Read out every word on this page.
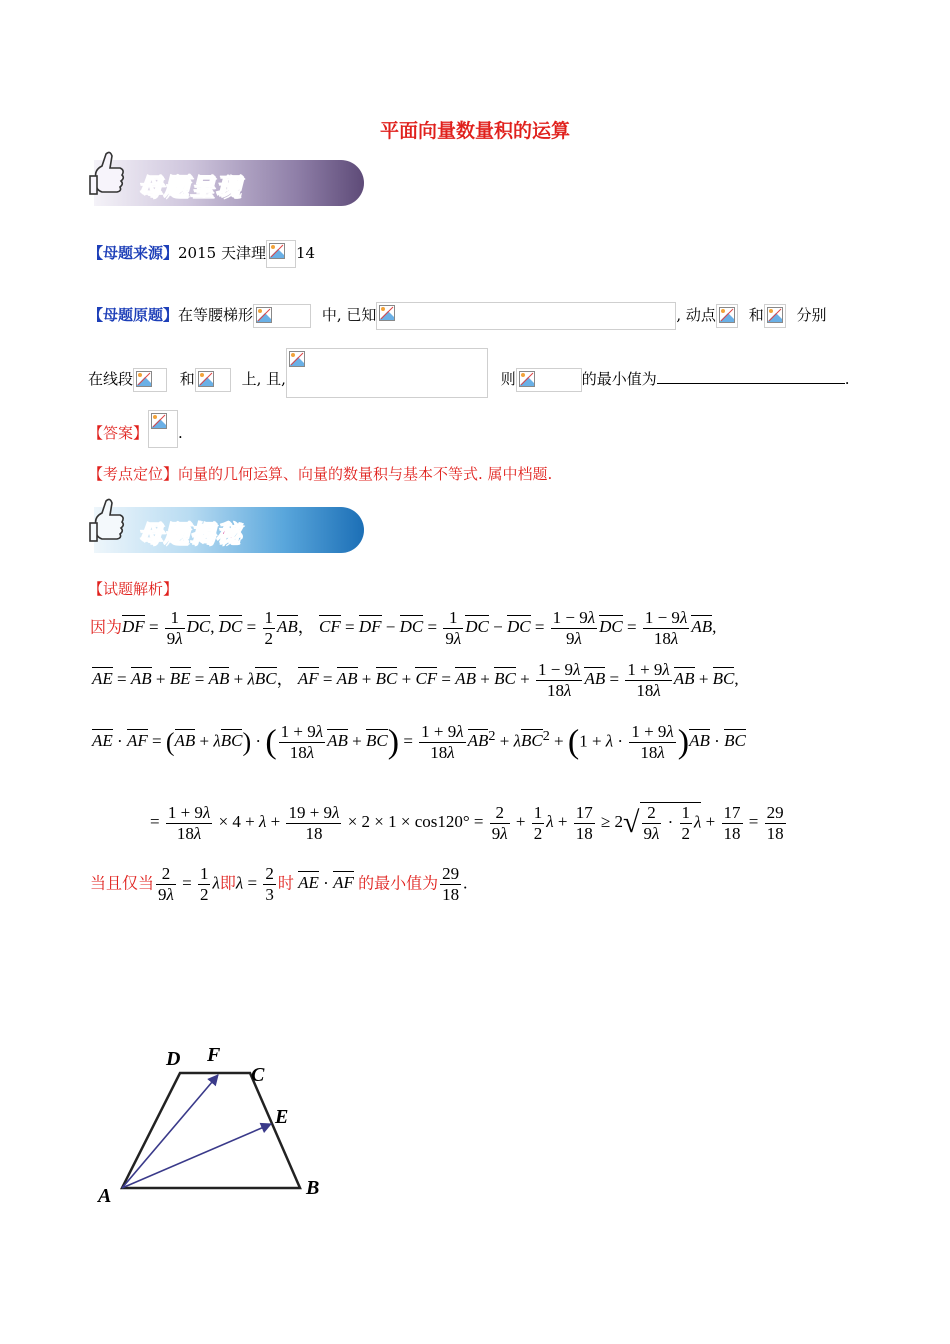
平面向量数量积的运算
母题呈现
【母题来源】2015 天津理 14
【母题原题】在等腰梯形	中, 已知	, 动点 和 分别
在线段	和	上, 且,	则	的最小值为	.
【答案】 .
【考点定位】向量的几何运算、向量的数量积与基本不等式. 属中档题.
母题揭秘
【试题解析】
因为DF = $\frac{1}{9\lambda}$ DC, DC = $\frac{1}{2}$ AB， CF = DF − DC = $\frac{1}{9\lambda}$ DC − DC = $\frac{1 - 9\lambda}{9\lambda}$ DC = $\frac{1 - 9\lambda}{18\lambda}$ AB,
AE = AB + BE = AB + λBC， AF = AB + BC + CF = AB + BC + $\frac{1 - 9\lambda}{18\lambda}$ AB = $\frac{1 + 9\lambda}{18\lambda}$ AB + BC,
AE · AF = (AB + λBC) · ( $\frac{1 + 9\lambda}{18\lambda}$ AB + $BC) = \frac{1 + 9\lambda}{18\lambda} AB^2 + \lambda BC^2 + (1 + \lambda \cdot \frac{1 + 9\lambda}{18\lambda} )AB$ · BC
= $\frac{1 + 9\lambda}{18\lambda} \times 4 + \lambda + \frac{19 + 9\lambda}{18} \times 2 \times 1 \times \cos 120^\circ = \frac{2}{9\lambda} + \frac{1}{2}$ $\lambda + \frac{17}{18} \ge 2√ \frac{2}{9\lambda} \cdot \frac{1}{2}$ $\lambda + \frac{17}{18} = \frac{29}{18}$
当且仅当 $\frac{2}{9\lambda} = \frac{1}{2}$ λ即$\lambda = \frac{2}{3}$ 时 AE · AF 的最小值为 $\frac{29}{18}$ .
D F
C
E
A	B
